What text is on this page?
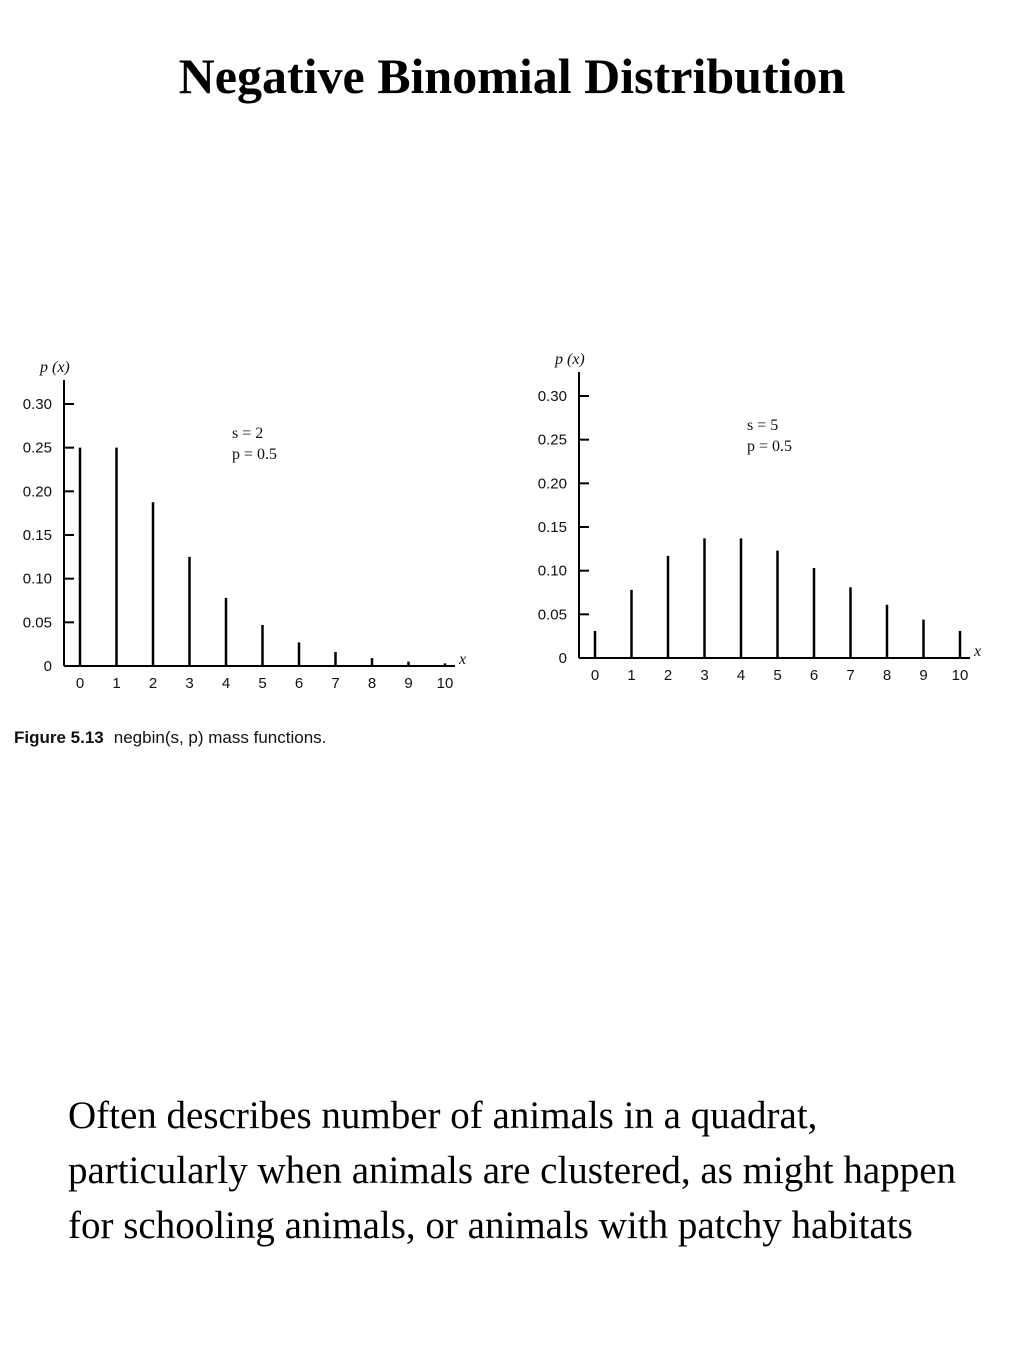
Negative Binomial Distribution
p (x)
x
0
0.05
0.10
0.15
0.20
0.25
0.30
0 1 2 3 4 5 6 7 8 9 10
s = 2
p = 0.5
p (x)
x
0
0.05
0.10
0.15
0.20
0.25
0.30
0 1 2 3 4 5 6 7 8 9 10
s = 5
p = 0.5
Figure 5.13 negbin(s, p) mass functions.
Often describes number of animals in a quadrat, particularly when animals are clustered, as might happen for schooling animals, or animals with patchy habitats
